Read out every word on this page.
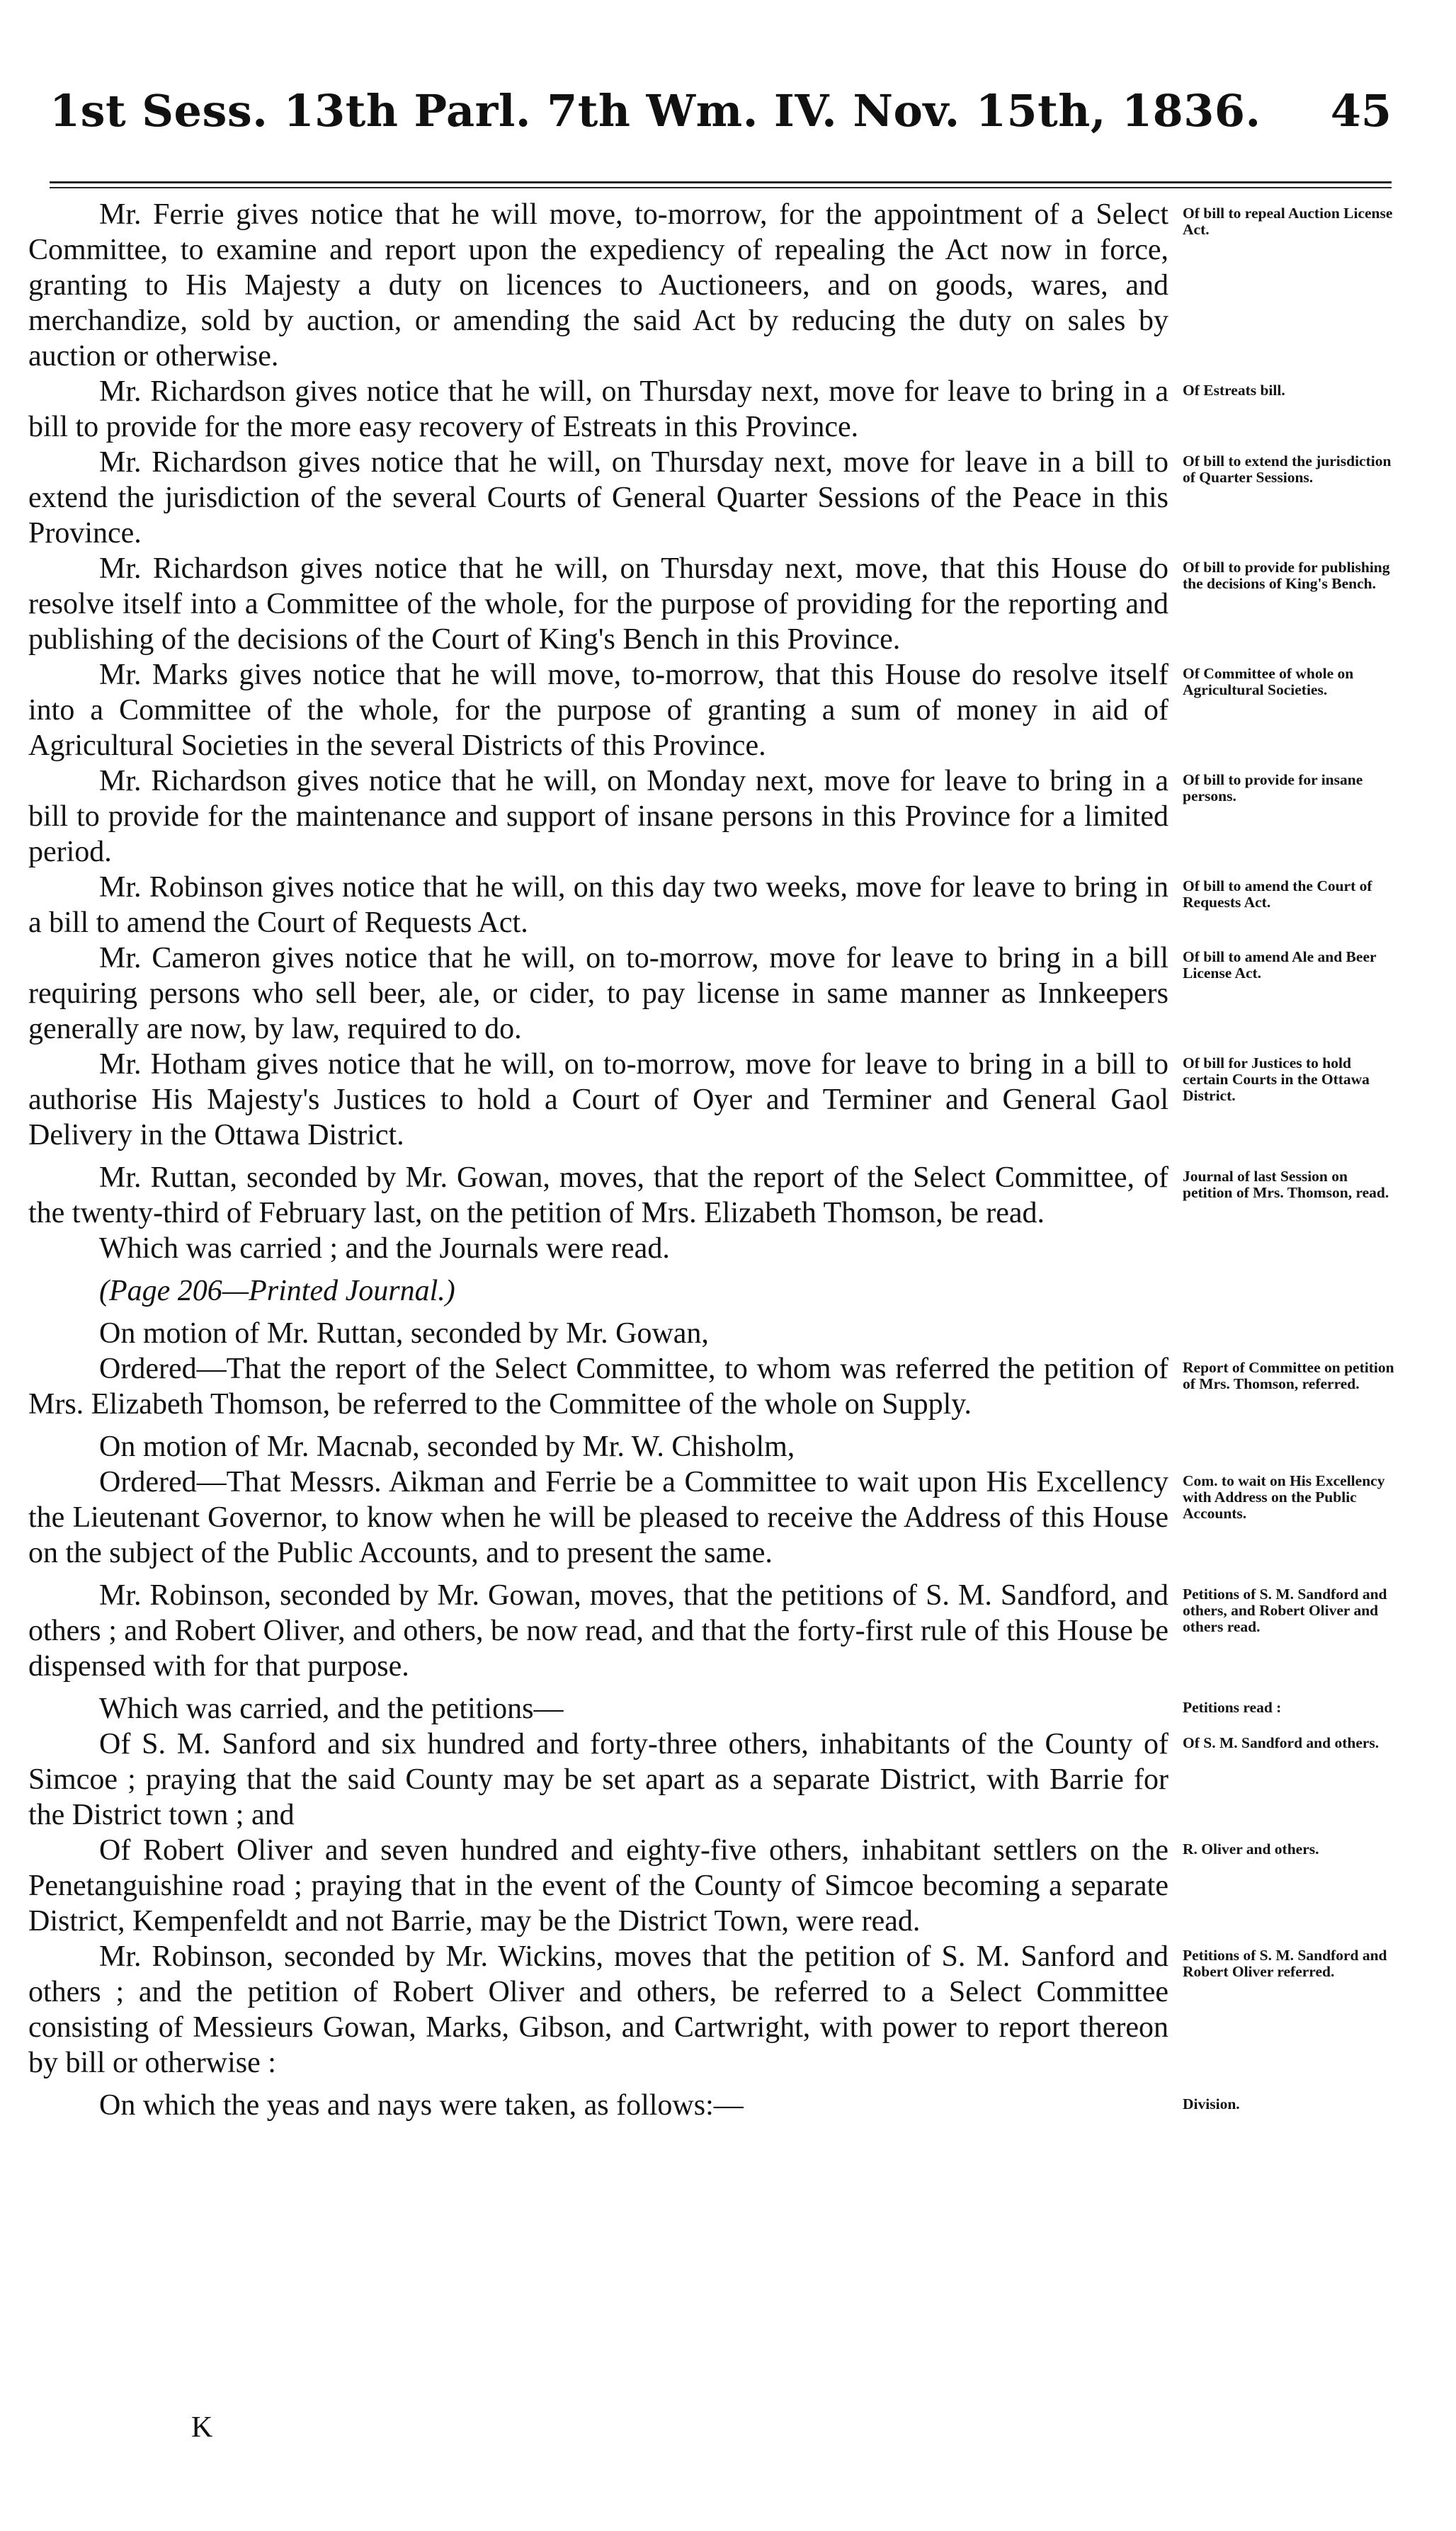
1st Sess. 13th Parl. 7th Wm. IV. Nov. 15th, 1836. 45
Mr. Ferrie gives notice that he will move, to-morrow, for the appointment of a Select Committee, to examine and report upon the expediency of repealing the Act now in force, granting to His Majesty a duty on licences to Auctioneers, and on goods, wares, and merchandize, sold by auction, or amending the said Act by reducing the duty on sales by auction or otherwise.
Of bill to repeal Auction License Act.
Mr. Richardson gives notice that he will, on Thursday next, move for leave to bring in a bill to provide for the more easy recovery of Estreats in this Province.
Of Estreats bill.
Mr. Richardson gives notice that he will, on Thursday next, move for leave in a bill to extend the jurisdiction of the several Courts of General Quarter Sessions of the Peace in this Province.
Of bill to extend the jurisdiction of Quarter Sessions.
Mr. Richardson gives notice that he will, on Thursday next, move, that this House do resolve itself into a Committee of the whole, for the purpose of providing for the reporting and publishing of the decisions of the Court of King's Bench in this Province.
Of bill to provide for publishing the decisions of King's Bench.
Mr. Marks gives notice that he will move, to-morrow, that this House do resolve itself into a Committee of the whole, for the purpose of granting a sum of money in aid of Agricultural Societies in the several Districts of this Province.
Of Committee of whole on Agricultural Societies.
Mr. Richardson gives notice that he will, on Monday next, move for leave to bring in a bill to provide for the maintenance and support of insane persons in this Province for a limited period.
Of bill to provide for insane persons.
Mr. Robinson gives notice that he will, on this day two weeks, move for leave to bring in a bill to amend the Court of Requests Act.
Of bill to amend the Court of Requests Act.
Mr. Cameron gives notice that he will, on to-morrow, move for leave to bring in a bill requiring persons who sell beer, ale, or cider, to pay license in same manner as Innkeepers generally are now, by law, required to do.
Of bill to amend Ale and Beer License Act.
Mr. Hotham gives notice that he will, on to-morrow, move for leave to bring in a bill to authorise His Majesty's Justices to hold a Court of Oyer and Terminer and General Gaol Delivery in the Ottawa District.
Of bill for Justices to hold certain Courts in the Ottawa District.
Mr. Ruttan, seconded by Mr. Gowan, moves, that the report of the Select Committee, of the twenty-third of February last, on the petition of Mrs. Elizabeth Thomson, be read.
Journal of last Session on petition of Mrs. Thomson, read.
Which was carried ; and the Journals were read.
(Page 206—Printed Journal.)
On motion of Mr. Ruttan, seconded by Mr. Gowan,
Ordered—That the report of the Select Committee, to whom was referred the petition of Mrs. Elizabeth Thomson, be referred to the Committee of the whole on Supply.
Report of Committee on petition of Mrs. Thomson, referred.
On motion of Mr. Macnab, seconded by Mr. W. Chisholm,
Ordered—That Messrs. Aikman and Ferrie be a Committee to wait upon His Excellency the Lieutenant Governor, to know when he will be pleased to receive the Address of this House on the subject of the Public Accounts, and to present the same.
Com. to wait on His Excellency with Address on the Public Accounts.
Mr. Robinson, seconded by Mr. Gowan, moves, that the petitions of S. M. Sandford, and others ; and Robert Oliver, and others, be now read, and that the forty-first rule of this House be dispensed with for that purpose.
Petitions of S. M. Sandford and others, and Robert Oliver and others read.
Which was carried, and the petitions—	Petitions read :
Of S. M. Sanford and six hundred and forty-three others, inhabitants of the County of Simcoe ; praying that the said County may be set apart as a separate District, with Barrie for the District town ; and
Of S. M. Sandford and others.
Of Robert Oliver and seven hundred and eighty-five others, inhabitant settlers on the Penetanguishine road ; praying that in the event of the County of Simcoe becoming a separate District, Kempenfeldt and not Barrie, may be the District Town, were read.
R. Oliver and others.
Mr. Robinson, seconded by Mr. Wickins, moves that the petition of S. M. Sanford and others ; and the petition of Robert Oliver and others, be referred to a Select Committee consisting of Messieurs Gowan, Marks, Gibson, and Cartwright, with power to report thereon by bill or otherwise :
Petitions of S. M. Sandford and Robert Oliver referred.
On which the yeas and nays were taken, as follows:—	Division.
K
